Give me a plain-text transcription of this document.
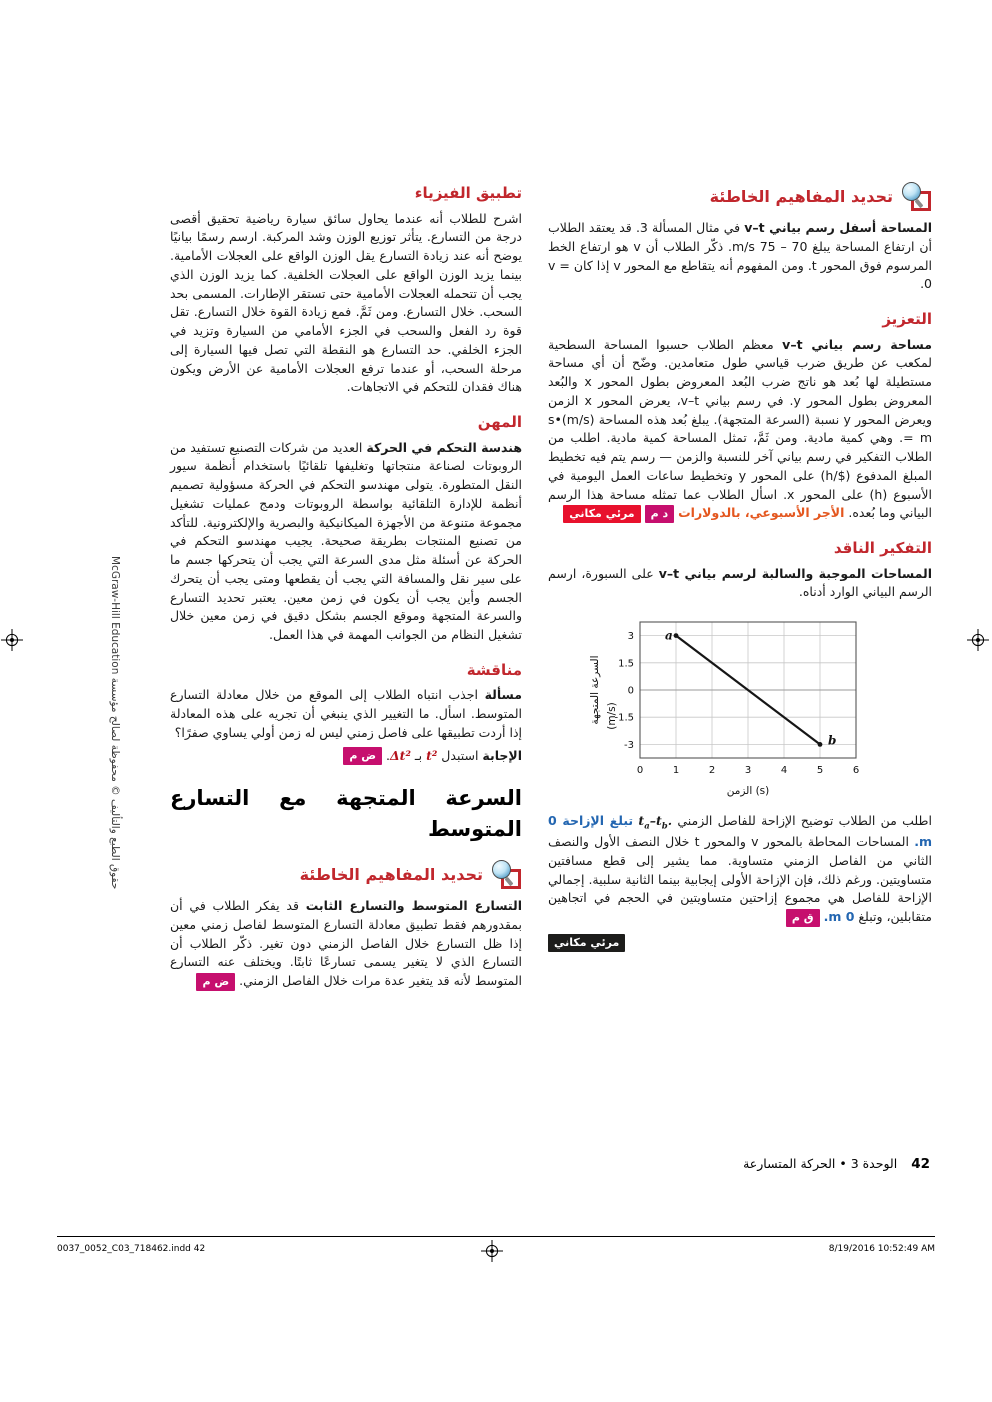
حقوق الطبع والتأليف © محفوظة لصالح مؤسسة McGraw-Hill Education
تحديد المفاهيم الخاطئة

المساحة أسفل رسم بياني v–t في مثال المسألة 3. قد يعتقد الطلاب أن ارتفاع المساحة يبلغ 70 – 75 m/s. ذكّر الطلاب أن v هو ارتفاع الخط المرسوم فوق المحور t. ومن المفهوم أنه يتقاطع مع المحور v إذا كان v = 0.

التعزيز

مساحة رسم بياني v–t معظم الطلاب حسبوا المساحة السطحية لمكعب عن طريق ضرب قياسي طول متعامدين. وضّح أن أي مساحة مستطيلة لها بُعد هو ناتج ضرب البُعد المعروض بطول المحور x والبُعد المعروض بطول المحور y. في رسم بياني v–t، يعرض المحور x الزمن ويعرض المحور y نسبة (السرعة المتجهة). يبلغ بُعد هذه المساحة (m/s)•s = m. وهي كمية مادية. ومن ثَمَّ، تمثل المساحة كمية مادية. اطلب من الطلاب التفكير في رسم بياني آخر للنسبة والزمن — رسم يتم فيه تخطيط المبلغ المدفوع ($/h) على المحور y وتخطيط ساعات العمل اليومية في الأسبوع (h) على المحور x. اسأل الطلاب عما تمثله مساحة هذا الرسم البياني وما بُعده. الأجر الأسبوعي، بالدولارات د م مرئي مكاني

التفكير الناقد

المساحات الموجبة والسالبة لرسم بياني v–t على السبورة، ارسم الرسم البياني الوارد أدناه.

0	1	2	3	4	5	6
3
1.5
0
-1.5
-3
a
b
الزمن (s)
السرعة المتجهة (m/s)

اطلب من الطلاب توضيح الإزاحة للفاصل الزمني $t_a-t_b$. تبلغ الإزاحة 0 m. المساحات المحاطة بالمحور v والمحور t خلال النصف الأول والنصف الثاني من الفاصل الزمني متساوية. مما يشير إلى قطع مسافتين متساويتين. ورغم ذلك، فإن الإزاحة الأولى إيجابية بينما الثانية سلبية. إجمالي الإزاحة للفاصل هي مجموع إزاحتين متساويتين في الحجم في اتجاهين متقابلين، وتبلغ 0 m. ق م

مرئي مكاني
تطبيق الفيزياء

اشرح للطلاب أنه عندما يحاول سائق سيارة رياضية تحقيق أقصى درجة من التسارع. يتأثر توزيع الوزن وشد المركبة. ارسم رسمًا بيانيًا يوضح أنه عند زيادة التسارع يقل الوزن الواقع على العجلات الأمامية. بينما يزيد الوزن الواقع على العجلات الخلفية. كما يزيد الوزن الذي يجب أن تتحمله العجلات الأمامية حتى تستقر الإطارات. المسمى بحد السحب. خلال التسارع. ومن ثَمَّ. فمع زيادة القوة خلال التسارع. تقل قوة رد الفعل والسحب في الجزء الأمامي من السيارة وتزيد في الجزء الخلفي. حد التسارع هو النقطة التي تصل فيها السيارة إلى مرحلة السحب، أو عندما ترفع العجلات الأمامية عن الأرض ويكون هناك فقدان للتحكم في الاتجاهات.

المهن

هندسة التحكم في الحركة العديد من شركات التصنيع تستفيد من الروبوتات لصناعة منتجاتها وتغليفها تلقائيًا باستخدام أنظمة سيور النقل المتطورة. يتولى مهندسو التحكم في الحركة مسؤولية تصميم أنظمة للإدارة التلقائية بواسطة الروبوتات ودمج عمليات تشغيل مجموعة متنوعة من الأجهزة الميكانيكية والبصرية والإلكترونية. للتأكد من تصنيع المنتجات بطريقة صحيحة. يجيب مهندسو التحكم في الحركة عن أسئلة مثل مدى السرعة التي يجب أن يتحركها جسم ما على سير نقل والمسافة التي يجب أن يقطعها ومتى يجب أن يتحرك الجسم وأين يجب أن يكون في زمن معين. يعتبر تحديد التسارع والسرعة المتجهة وموقع الجسم بشكل دقيق في زمن معين خلال تشغيل النظام من الجوانب المهمة في هذا العمل.

مناقشة

مسألة اجذب انتباه الطلاب إلى الموقع من خلال معادلة التسارع المتوسط. اسأل. ما التغيير الذي ينبغي أن تجريه على هذه المعادلة إذا أردت تطبيقها على فاصل زمني ليس له زمن أولي يساوي صفرًا؟

الإجابة استبدل t² بـ Δt². ض م

السرعة المتجهة مع التسارع المتوسط
تحديد المفاهيم الخاطئة

التسارع المتوسط والتسارع الثابت قد يفكر الطلاب في أن بمقدورهم فقط تطبيق معادلة التسارع المتوسط لفاصل زمني معين إذا ظل التسارع خلال الفاصل الزمني دون تغير. ذكّر الطلاب أن التسارع الذي لا يتغير يسمى تسارعًا ثابتًا. ويختلف عنه التسارع المتوسط لأنه قد يتغير عدة مرات خلال الفاصل الزمني. ض م

42 الوحدة 3 • الحركة المتسارعة
0037_0052_C03_718462.indd 42	8/19/2016 10:52:49 AM
